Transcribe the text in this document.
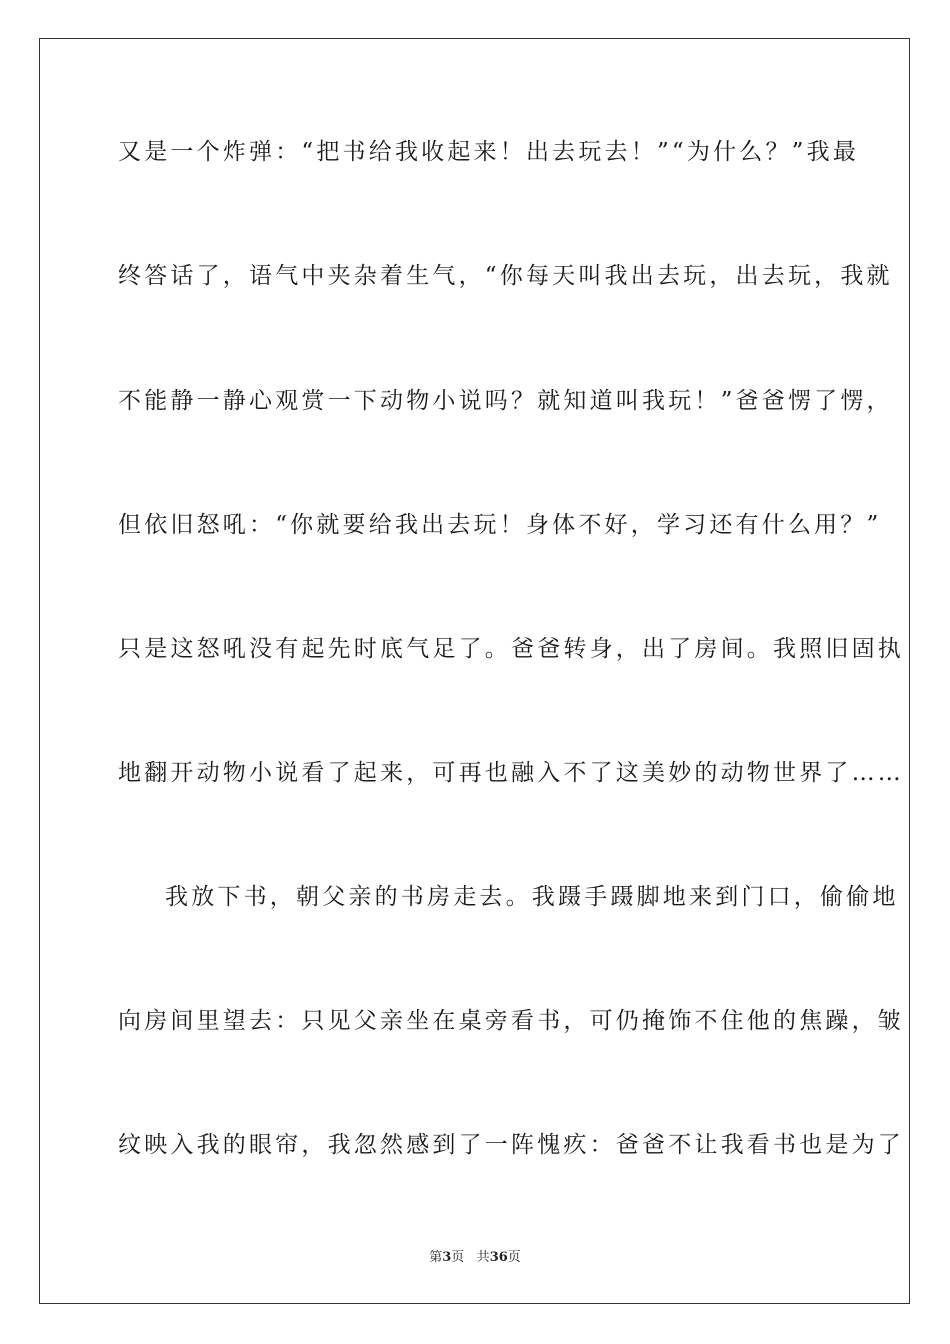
又是一个炸弹：“把书给我收起来！出去玩去！”“为什么？”我最
终答话了，语气中夹杂着生气，“你每天叫我出去玩，出去玩，我就
不能静一静心观赏一下动物小说吗？就知道叫我玩！”爸爸愣了愣，
但依旧怒吼：“你就要给我出去玩！身体不好，学习还有什么用？”
只是这怒吼没有起先时底气足了。爸爸转身，出了房间。我照旧固执
地翻开动物小说看了起来，可再也融入不了这美妙的动物世界了……
我放下书，朝父亲的书房走去。我蹑手蹑脚地来到门口，偷偷地
向房间里望去：只见父亲坐在桌旁看书，可仍掩饰不住他的焦躁，皱
纹映入我的眼帘，我忽然感到了一阵愧疚：爸爸不让我看书也是为了
第3页 共36页
